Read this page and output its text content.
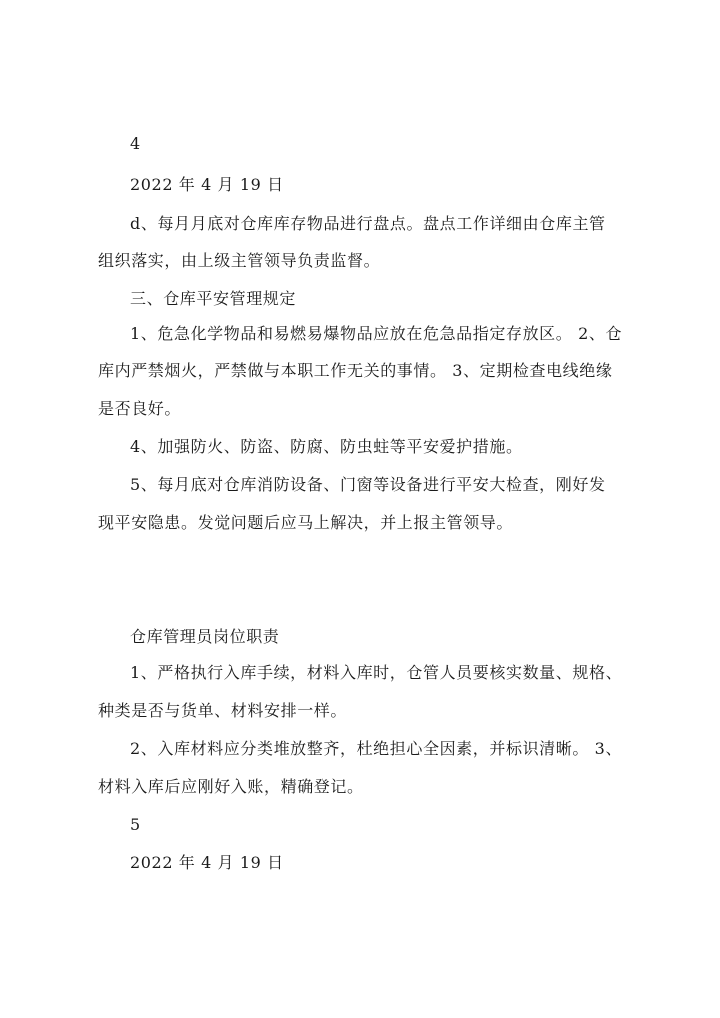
4
2022 年 4 月 19 日
d、每月月底对仓库库存物品进行盘点。盘点工作详细由仓库主管
组织落实，由上级主管领导负责监督。
三、仓库平安管理规定
1、危急化学物品和易燃易爆物品应放在危急品指定存放区。 2、仓
库内严禁烟火，严禁做与本职工作无关的事情。 3、定期检查电线绝缘
是否良好。
4、加强防火、防盗、防腐、防虫蛀等平安爱护措施。
5、每月底对仓库消防设备、门窗等设备进行平安大检查，刚好发
现平安隐患。发觉问题后应马上解决，并上报主管领导。
仓库管理员岗位职责
1、严格执行入库手续，材料入库时，仓管人员要核实数量、规格、
种类是否与货单、材料安排一样。
2、入库材料应分类堆放整齐，杜绝担心全因素，并标识清晰。 3、
材料入库后应刚好入账，精确登记。
5
2022 年 4 月 19 日
